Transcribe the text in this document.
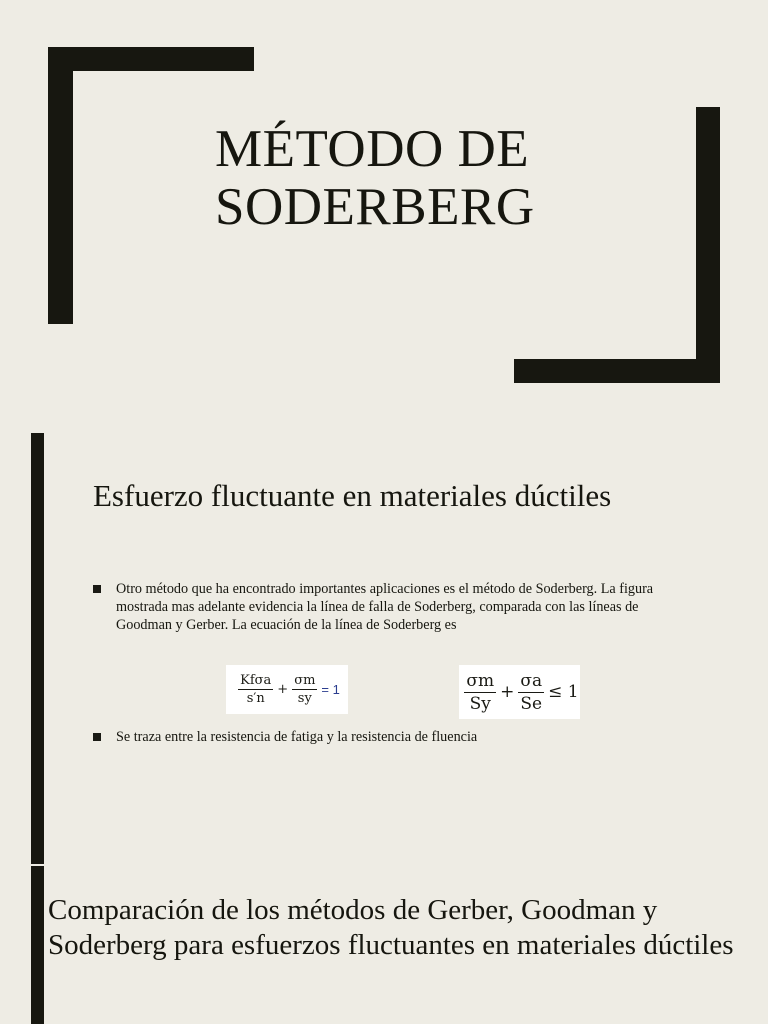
MÉTODO DE
SODERBERG
Esfuerzo fluctuante en materiales dúctiles
Otro método que ha encontrado importantes aplicaciones es el método de Soderberg. La figura mostrada mas adelante evidencia la línea de falla de Soderberg, comparada con las líneas de Goodman y Gerber. La ecuación de la línea de Soderberg es
$\frac{\text{Kfσa}}{s'n} + \frac{\sigma m}{sy} = 1$	$\frac{\sigma m}{Sy} + \frac{\sigma a}{Se} \le 1$
Se traza entre la resistencia de fatiga y la resistencia de fluencia
Comparación de los métodos de Gerber, Goodman y Soderberg para esfuerzos fluctuantes en materiales dúctiles
